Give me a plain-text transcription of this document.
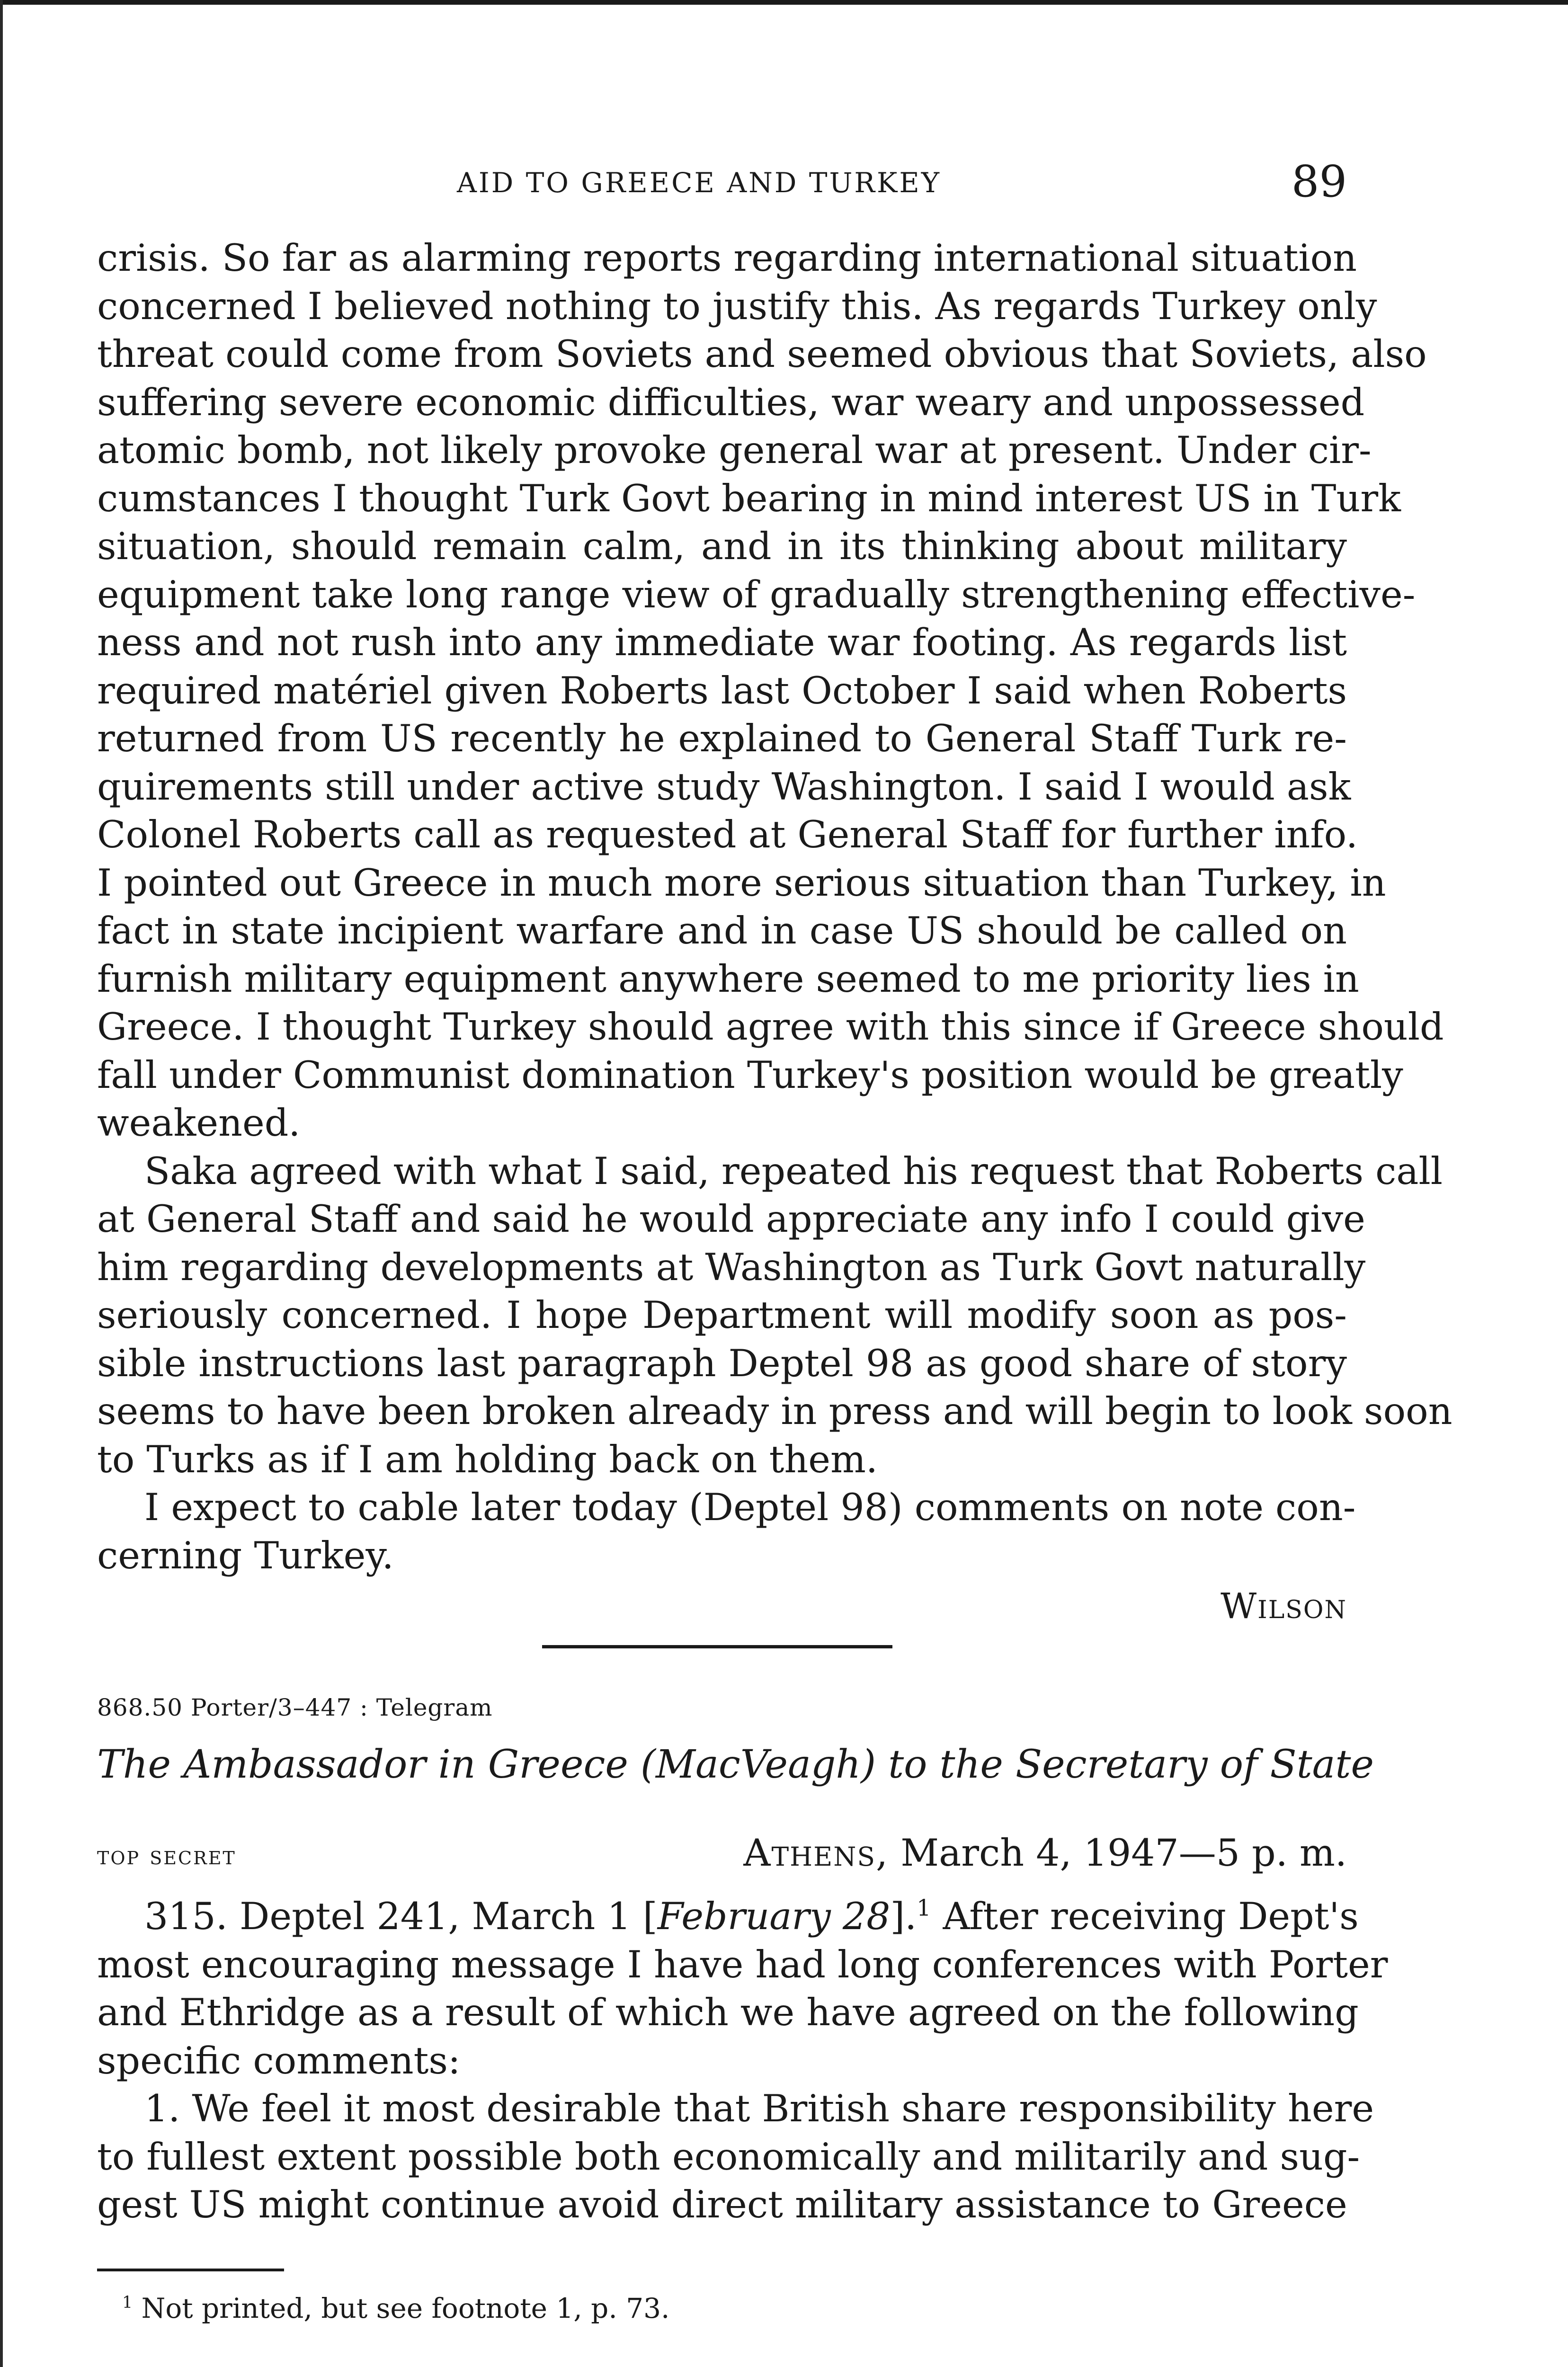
AID TO GREECE AND TURKEY	89
crisis. So far as alarming reports regarding international situation
concerned I believed nothing to justify this. As regards Turkey only
threat could come from Soviets and seemed obvious that Soviets, also
suffering severe economic difficulties, war weary and unpossessed
atomic bomb, not likely provoke general war at present. Under cir-
cumstances I thought Turk Govt bearing in mind interest US in Turk
situation, should remain calm, and in its thinking about military
equipment take long range view of gradually strengthening effective-
ness and not rush into any immediate war footing. As regards list
required matériel given Roberts last October I said when Roberts
returned from US recently he explained to General Staff Turk re-
quirements still under active study Washington. I said I would ask
Colonel Roberts call as requested at General Staff for further info.
I pointed out Greece in much more serious situation than Turkey, in
fact in state incipient warfare and in case US should be called on
furnish military equipment anywhere seemed to me priority lies in
Greece. I thought Turkey should agree with this since if Greece should
fall under Communist domination Turkey's position would be greatly
weakened.
Saka agreed with what I said, repeated his request that Roberts call
at General Staff and said he would appreciate any info I could give
him regarding developments at Washington as Turk Govt naturally
seriously concerned. I hope Department will modify soon as pos-
sible instructions last paragraph Deptel 98 as good share of story
seems to have been broken already in press and will begin to look soon
to Turks as if I am holding back on them.
I expect to cable later today (Deptel 98) comments on note con-
cerning Turkey.
Wilson
868.50 Porter/3–447 : Telegram
The Ambassador in Greece (MacVeagh) to the Secretary of State
top secret	Athens, March 4, 1947—5 p. m.
315. Deptel 241, March 1 [February 28].$^1$ After receiving Dept's
most encouraging message I have had long conferences with Porter
and Ethridge as a result of which we have agreed on the following
specific comments:
1. We feel it most desirable that British share responsibility here
to fullest extent possible both economically and militarily and sug-
gest US might continue avoid direct military assistance to Greece
$^1$ Not printed, but see footnote 1, p. 73.
